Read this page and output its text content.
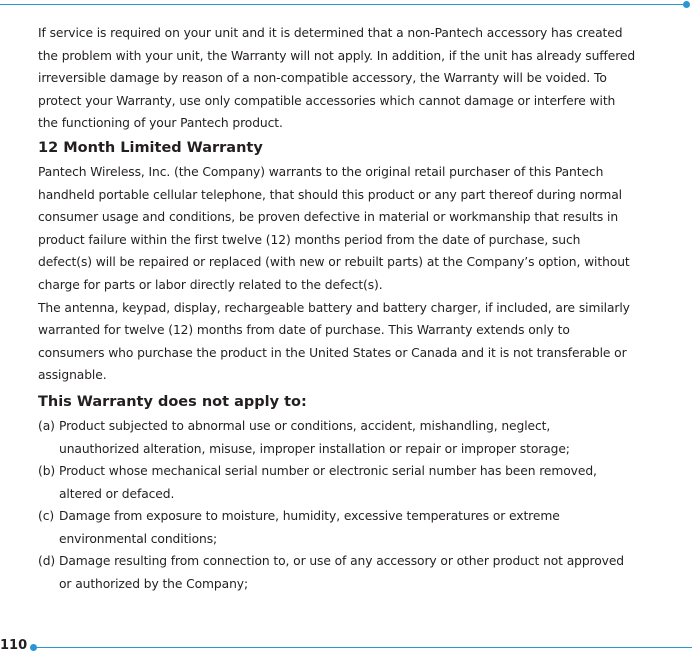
If service is required on your unit and it is determined that a non-Pantech accessory has created the problem with your unit, the Warranty will not apply. In addition, if the unit has already suffered irreversible damage by reason of a non-compatible accessory, the Warranty will be voided. To protect your Warranty, use only compatible accessories which cannot damage or interfere with the functioning of your Pantech product.

12 Month Limited Warranty

Pantech Wireless, Inc. (the Company) warrants to the original retail purchaser of this Pantech handheld portable cellular telephone, that should this product or any part thereof during normal consumer usage and conditions, be proven defective in material or workmanship that results in product failure within the first twelve (12) months period from the date of purchase, such defect(s) will be repaired or replaced (with new or rebuilt parts) at the Company’s option, without charge for parts or labor directly related to the defect(s).

The antenna, keypad, display, rechargeable battery and battery charger, if included, are similarly warranted for twelve (12) months from date of purchase. This Warranty extends only to consumers who purchase the product in the United States or Canada and it is not transferable or assignable.

This Warranty does not apply to:
(a) Product subjected to abnormal use or conditions, accident, mishandling, neglect, unauthorized alteration, misuse, improper installation or repair or improper storage;
(b) Product whose mechanical serial number or electronic serial number has been removed, altered or defaced.
(c) Damage from exposure to moisture, humidity, excessive temperatures or extreme environmental conditions;
(d) Damage resulting from connection to, or use of any accessory or other product not approved or authorized by the Company;
110
